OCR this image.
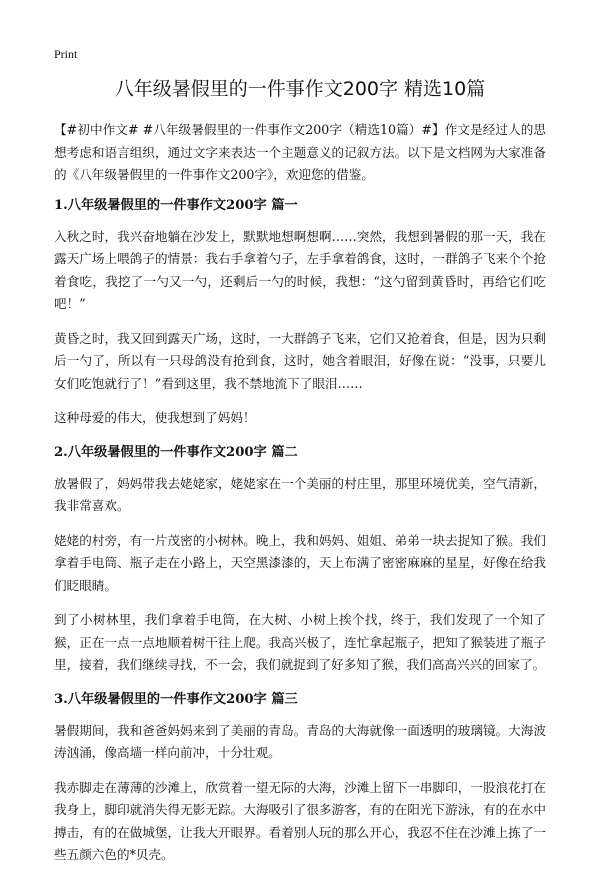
Print
八年级暑假里的一件事作文200字 精选10篇

【#初中作文# #八年级暑假里的一件事作文200字（精选10篇）#】作文是经过人的思想考虑和语言组织，通过文字来表达一个主题意义的记叙方法。以下是文档网为大家准备的《八年级暑假里的一件事作文200字》，欢迎您的借鉴。

1.八年级暑假里的一件事作文200字 篇一

入秋之时，我兴奋地躺在沙发上，默默地想啊想啊……突然，我想到暑假的那一天，我在露天广场上喂鸽子的情景：我右手拿着勺子，左手拿着鸽食，这时，一群鸽子飞来个个抢着食吃，我挖了一勺又一勺，还剩后一勺的时候，我想：“这勺留到黄昏时，再给它们吃吧！”

黄昏之时，我又回到露天广场，这时，一大群鸽子飞来，它们又抢着食，但是，因为只剩后一勺了，所以有一只母鸽没有抢到食，这时，她含着眼泪，好像在说：“没事，只要儿女们吃饱就行了！”看到这里，我不禁地流下了眼泪……

这种母爱的伟大，使我想到了妈妈！

2.八年级暑假里的一件事作文200字 篇二

放暑假了，妈妈带我去姥姥家，姥姥家在一个美丽的村庄里，那里环境优美，空气清新，我非常喜欢。

姥姥的村旁，有一片茂密的小树林。晚上，我和妈妈、姐姐、弟弟一块去捉知了猴。我们拿着手电筒、瓶子走在小路上，天空黑漆漆的，天上布满了密密麻麻的星星，好像在给我们眨眼睛。

到了小树林里，我们拿着手电筒，在大树、小树上挨个找，终于，我们发现了一个知了猴，正在一点一点地顺着树干往上爬。我高兴极了，连忙拿起瓶子，把知了猴装进了瓶子里，接着，我们继续寻找，不一会，我们就捉到了好多知了猴，我们高高兴兴的回家了。

3.八年级暑假里的一件事作文200字 篇三

暑假期间，我和爸爸妈妈来到了美丽的青岛。青岛的大海就像一面透明的玻璃镜。大海波涛汹涌，像高墙一样向前冲，十分壮观。

我赤脚走在薄薄的沙滩上，欣赏着一望无际的大海，沙滩上留下一串脚印，一股浪花打在我身上，脚印就消失得无影无踪。大海吸引了很多游客，有的在阳光下游泳，有的在水中搏击，有的在做城堡，让我大开眼界。看着别人玩的那么开心，我忍不住在沙滩上拣了一些五颜六色的*贝壳。
